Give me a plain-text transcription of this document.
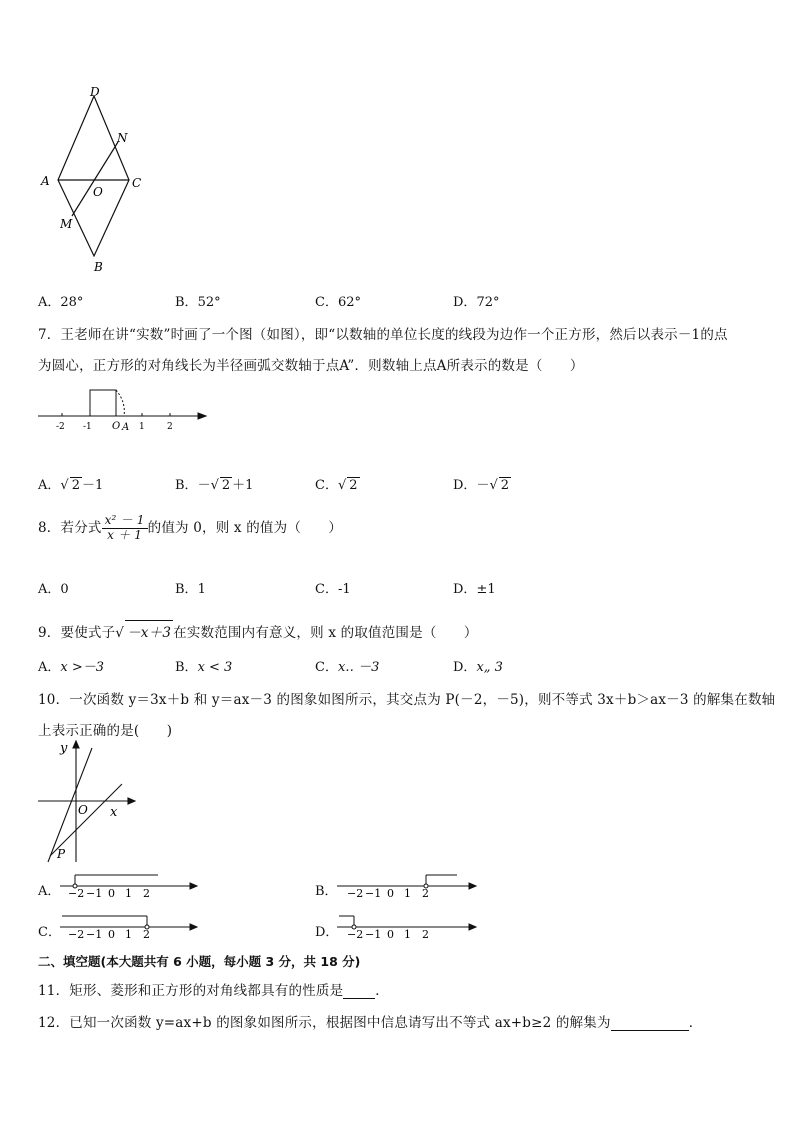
D
N
A
O
C
M
B
A．28°	B．52°	C．62°	D．72°
7．王老师在讲“实数”时画了一个图（如图），即“以数轴的单位长度的线段为边作一个正方形，然后以表示－1的点
为圆心，正方形的对角线长为半径画弧交数轴于点A”．则数轴上点A所表示的数是（　　）
-2 -1 O A 1 2
A．√ 2 －1	B．－√ 2 ＋1	C．√ 2	D．－√ 2
8．若分式 $\frac{\text{x² － 1}}{x + 1}$ 的值为 0，则 x 的值为（　　）
A．0	B．1	C．-1	D．±1
9．要使式子√ －x＋3 在实数范围内有意义，则 x 的取值范围是（　　）
A．x >－3	B．x < 3	C．x‥ －3	D．x„ 3
10．一次函数 y＝3x＋b 和 y＝ax－3 的图象如图所示，其交点为 P(－2，－5)，则不等式 3x＋b＞ax－3 的解集在数轴
上表示正确的是(　　)
y
O x
P
A． −2 −1 0 1 2	B． −2 −1 0 1 2
C． −2 −1 0 1 2	D． −2 −1 0 1 2
二、填空题(本大题共有 6 小题，每小题 3 分，共 18 分)
11．矩形、菱形和正方形的对角线都具有的性质是 ．
12．已知一次函数 y=ax+b 的图象如图所示，根据图中信息请写出不等式 ax+b≥2 的解集为	．
